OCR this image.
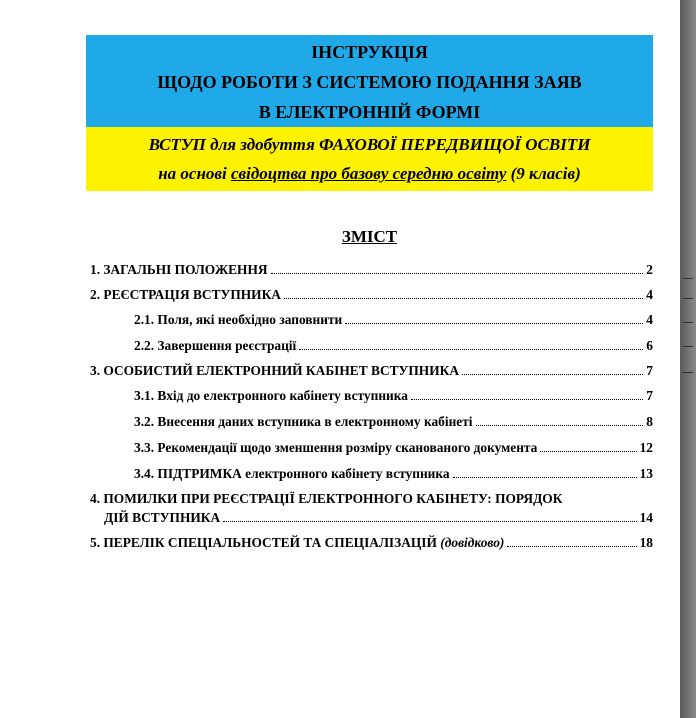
ІНСТРУКЦІЯ
ЩОДО РОБОТИ З СИСТЕМОЮ ПОДАННЯ ЗАЯВ
В ЕЛЕКТРОННІЙ ФОРМІ
ВСТУП для здобуття ФАХОВОЇ ПЕРЕДВИЩОЇ ОСВІТИ
на основі свідоцтва про базову середню освіту (9 класів)
ЗМІСТ
1. ЗАГАЛЬНІ ПОЛОЖЕННЯ	2
2. РЕЄСТРАЦІЯ ВСТУПНИКА	4
2.1. Поля, які необхідно заповнити	4
2.2. Завершення реєстрації	6
3. ОСОБИСТИЙ ЕЛЕКТРОННИЙ КАБІНЕТ ВСТУПНИКА	7
3.1. Вхід до електронного кабінету вступника	7
3.2. Внесення даних вступника в електронному кабінеті	8
3.3. Рекомендації щодо зменшення розміру сканованого документа	12
3.4. ПІДТРИМКА електронного кабінету вступника	13
4. ПОМИЛКИ ПРИ РЕЄСТРАЦІЇ ЕЛЕКТРОННОГО КАБІНЕТУ: ПОРЯДОК
ДІЙ ВСТУПНИКА	14
5. ПЕРЕЛІК СПЕЦІАЛЬНОСТЕЙ ТА СПЕЦІАЛІЗАЦІЙ (довідково)	18
